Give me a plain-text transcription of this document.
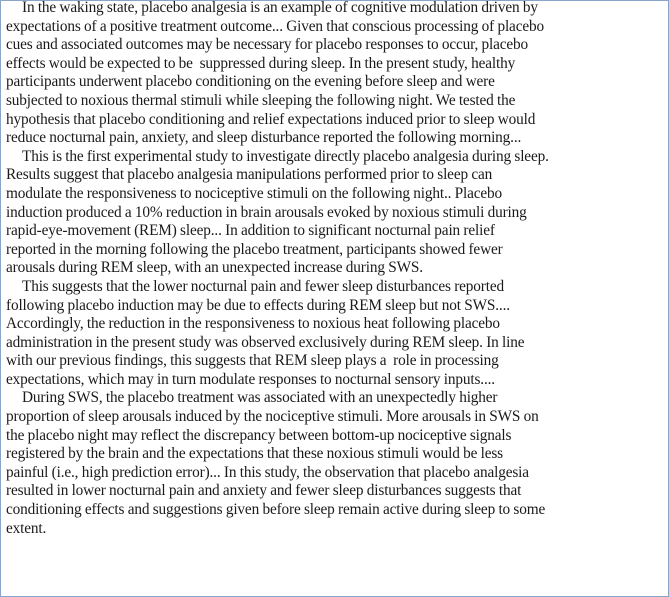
In the waking state, placebo analgesia is an example of cognitive modulation driven by
expectations of a positive treatment outcome... Given that conscious processing of placebo
cues and associated outcomes may be necessary for placebo responses to occur, placebo
effects would be expected to be  suppressed during sleep. In the present study, healthy
participants underwent placebo conditioning on the evening before sleep and were
subjected to noxious thermal stimuli while sleeping the following night. We tested the
hypothesis that placebo conditioning and relief expectations induced prior to sleep would
reduce nocturnal pain, anxiety, and sleep disturbance reported the following morning...
This is the first experimental study to investigate directly placebo analgesia during sleep.
Results suggest that placebo analgesia manipulations performed prior to sleep can
modulate the responsiveness to nociceptive stimuli on the following night.. Placebo
induction produced a 10% reduction in brain arousals evoked by noxious stimuli during
rapid-eye-movement (REM) sleep... In addition to significant nocturnal pain relief
reported in the morning following the placebo treatment, participants showed fewer
arousals during REM sleep, with an unexpected increase during SWS.
This suggests that the lower nocturnal pain and fewer sleep disturbances reported
following placebo induction may be due to effects during REM sleep but not SWS....
Accordingly, the reduction in the responsiveness to noxious heat following placebo
administration in the present study was observed exclusively during REM sleep. In line
with our previous findings, this suggests that REM sleep plays a  role in processing
expectations, which may in turn modulate responses to nocturnal sensory inputs....
During SWS, the placebo treatment was associated with an unexpectedly higher
proportion of sleep arousals induced by the nociceptive stimuli. More arousals in SWS on
the placebo night may reflect the discrepancy between bottom-up nociceptive signals
registered by the brain and the expectations that these noxious stimuli would be less
painful (i.e., high prediction error)... In this study, the observation that placebo analgesia
resulted in lower nocturnal pain and anxiety and fewer sleep disturbances suggests that
conditioning effects and suggestions given before sleep remain active during sleep to some
extent.
